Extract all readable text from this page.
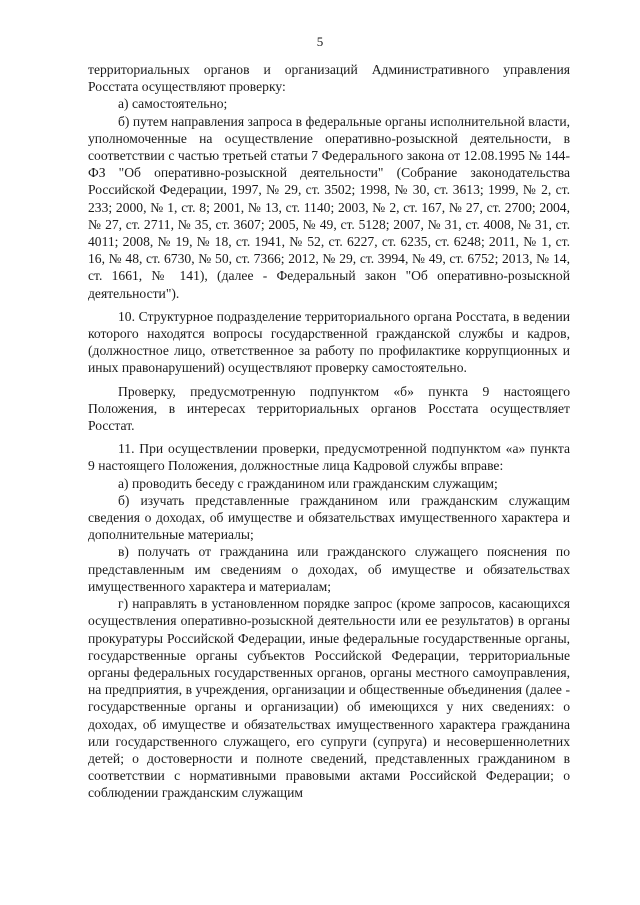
5

территориальных органов и организаций Административного управления Росстата осуществляют проверку:

а) самостоятельно;

б) путем направления запроса в федеральные органы исполнительной власти, уполномоченные на осуществление оперативно-розыскной деятельности, в соответствии с частью третьей статьи 7 Федерального закона от 12.08.1995 № 144-ФЗ "Об оперативно-розыскной деятельности" (Собрание законодательства Российской Федерации, 1997, № 29, ст. 3502; 1998, № 30, ст. 3613; 1999, № 2, ст. 233; 2000, № 1, ст. 8; 2001, № 13, ст. 1140; 2003, № 2, ст. 167, № 27, ст. 2700; 2004, № 27, ст. 2711, № 35, ст. 3607; 2005, № 49, ст. 5128; 2007, № 31, ст. 4008, № 31, ст. 4011; 2008, № 19, № 18, ст. 1941, № 52, ст. 6227, ст. 6235, ст. 6248; 2011, № 1, ст. 16, № 48, ст. 6730, № 50, ст. 7366; 2012, № 29, ст. 3994, № 49, ст. 6752; 2013, № 14, ст. 1661, № 141), (далее - Федеральный закон "Об оперативно-розыскной деятельности").

10. Структурное подразделение территориального органа Росстата, в ведении которого находятся вопросы государственной гражданской службы и кадров, (должностное лицо, ответственное за работу по профилактике коррупционных и иных правонарушений) осуществляют проверку самостоятельно.

Проверку, предусмотренную подпунктом «б» пункта 9 настоящего Положения, в интересах территориальных органов Росстата осуществляет Росстат.

11. При осуществлении проверки, предусмотренной подпунктом «а» пункта 9 настоящего Положения, должностные лица Кадровой службы вправе:

а) проводить беседу с гражданином или гражданским служащим;

б) изучать представленные гражданином или гражданским служащим сведения о доходах, об имуществе и обязательствах имущественного характера и дополнительные материалы;

в) получать от гражданина или гражданского служащего пояснения по представленным им сведениям о доходах, об имуществе и обязательствах имущественного характера и материалам;

г) направлять в установленном порядке запрос (кроме запросов, касающихся осуществления оперативно-розыскной деятельности или ее результатов) в органы прокуратуры Российской Федерации, иные федеральные государственные органы, государственные органы субъектов Российской Федерации, территориальные органы федеральных государственных органов, органы местного самоуправления, на предприятия, в учреждения, организации и общественные объединения (далее - государственные органы и организации) об имеющихся у них сведениях: о доходах, об имуществе и обязательствах имущественного характера гражданина или государственного служащего, его супруги (супруга) и несовершеннолетних детей; о достоверности и полноте сведений, представленных гражданином в соответствии с нормативными правовыми актами Российской Федерации; о соблюдении гражданским служащим
